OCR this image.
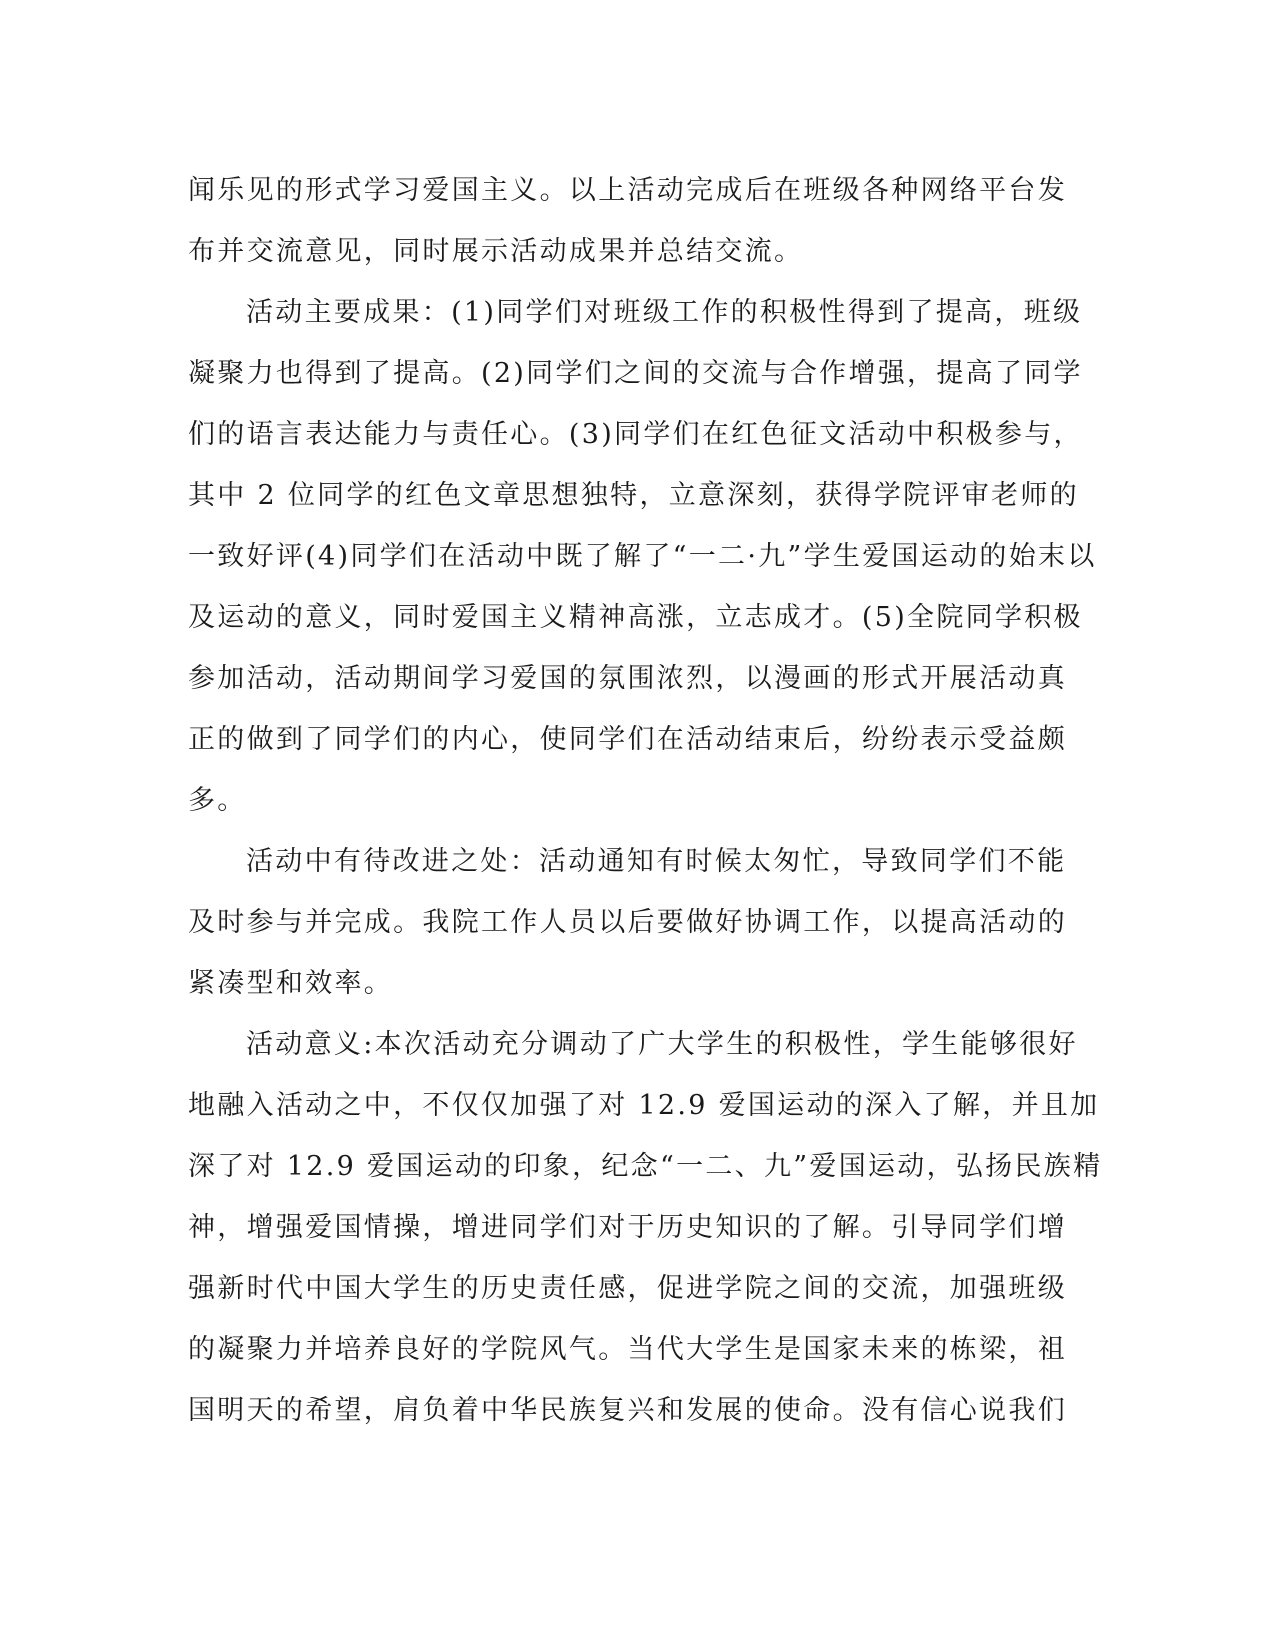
闻乐见的形式学习爱国主义。以上活动完成后在班级各种网络平台发
布并交流意见，同时展示活动成果并总结交流。
活动主要成果：(1)同学们对班级工作的积极性得到了提高，班级
凝聚力也得到了提高。(2)同学们之间的交流与合作增强，提高了同学
们的语言表达能力与责任心。(3)同学们在红色征文活动中积极参与，
其中 2 位同学的红色文章思想独特，立意深刻，获得学院评审老师的
一致好评(4)同学们在活动中既了解了“一二·九”学生爱国运动的始末以
及运动的意义，同时爱国主义精神高涨，立志成才。(5)全院同学积极
参加活动，活动期间学习爱国的氛围浓烈，以漫画的形式开展活动真
正的做到了同学们的内心，使同学们在活动结束后，纷纷表示受益颇
多。
活动中有待改进之处：活动通知有时候太匆忙，导致同学们不能
及时参与并完成。我院工作人员以后要做好协调工作，以提高活动的
紧凑型和效率。
活动意义:本次活动充分调动了广大学生的积极性，学生能够很好
地融入活动之中，不仅仅加强了对 12.9 爱国运动的深入了解，并且加
深了对 12.9 爱国运动的印象，纪念“一二、九”爱国运动，弘扬民族精
神，增强爱国情操，增进同学们对于历史知识的了解。引导同学们增
强新时代中国大学生的历史责任感，促进学院之间的交流，加强班级
的凝聚力并培养良好的学院风气。当代大学生是国家未来的栋梁，祖
国明天的希望，肩负着中华民族复兴和发展的使命。没有信心说我们
